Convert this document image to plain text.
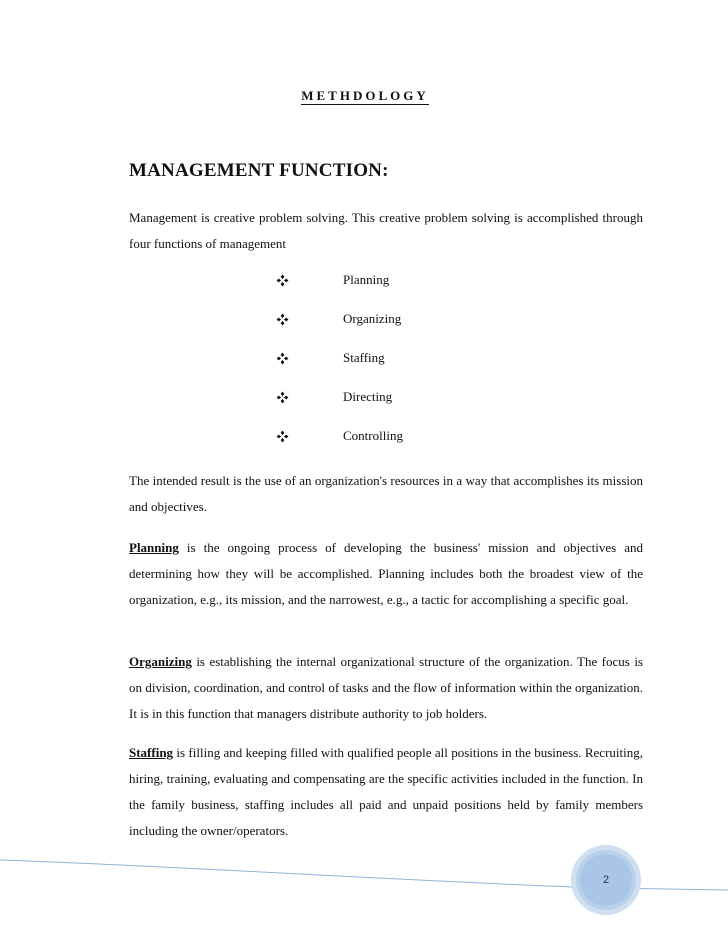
METHDOLOGY
MANAGEMENT FUNCTION:
Management is creative problem solving. This creative problem solving is accomplished through four functions of management
Planning
Organizing
Staffing
Directing
Controlling
The intended result is the use of an organization's resources in a way that accomplishes its mission and objectives.
Planning is the ongoing process of developing the business' mission and objectives and determining how they will be accomplished. Planning includes both the broadest view of the organization, e.g., its mission, and the narrowest, e.g., a tactic for accomplishing a specific goal.
Organizing is establishing the internal organizational structure of the organization. The focus is on division, coordination, and control of tasks and the flow of information within the organization. It is in this function that managers distribute authority to job holders.
Staffing is filling and keeping filled with qualified people all positions in the business. Recruiting, hiring, training, evaluating and compensating are the specific activities included in the function. In the family business, staffing includes all paid and unpaid positions held by family members including the owner/operators.
2
